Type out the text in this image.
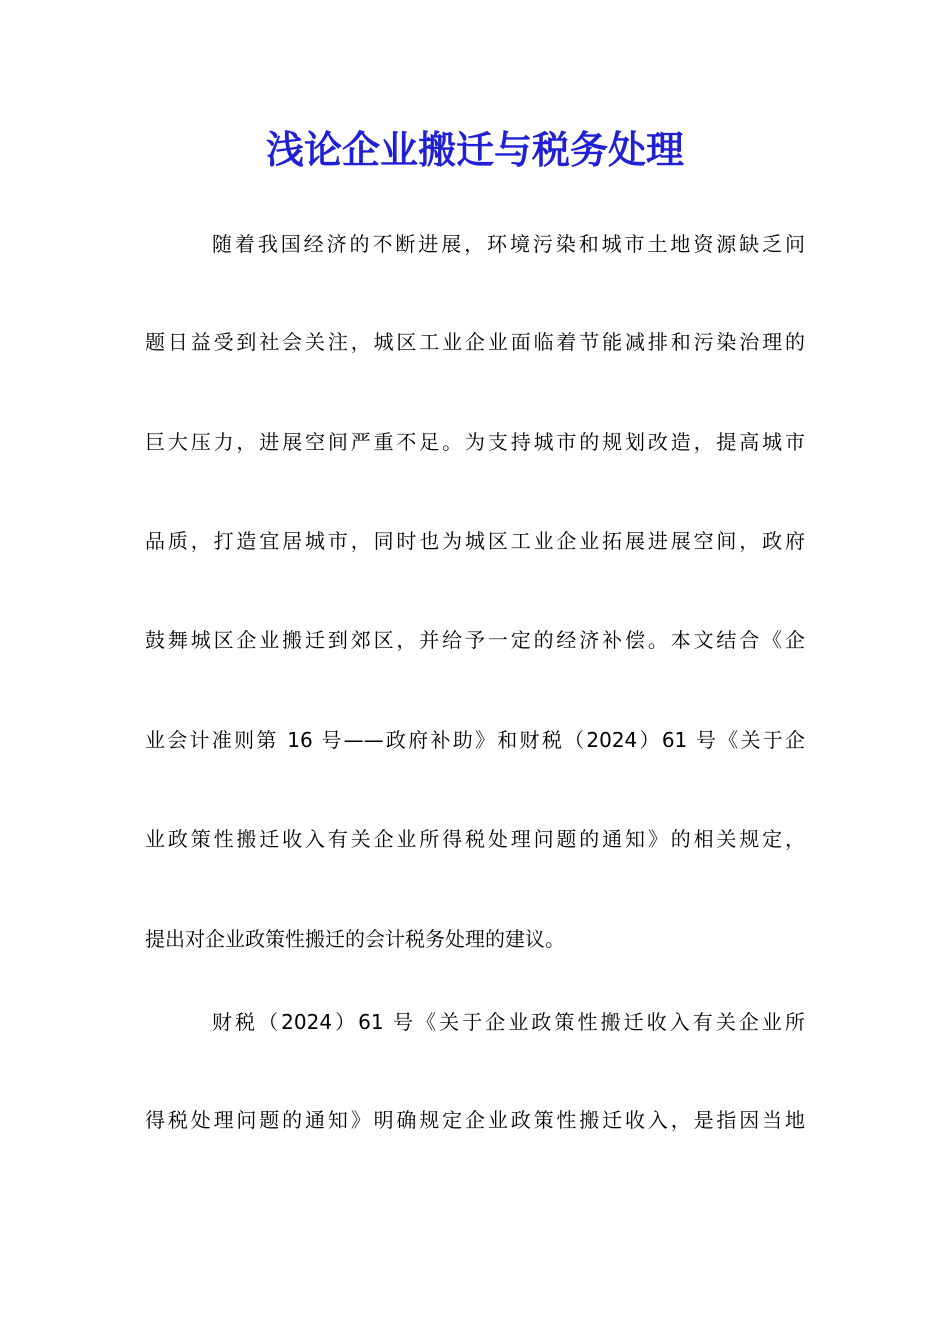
浅论企业搬迁与税务处理

随着我国经济的不断进展，环境污染和城市土地资源缺乏问

题日益受到社会关注，城区工业企业面临着节能减排和污染治理的

巨大压力，进展空间严重不足。为支持城市的规划改造，提高城市

品质，打造宜居城市，同时也为城区工业企业拓展进展空间，政府

鼓舞城区企业搬迁到郊区，并给予一定的经济补偿。本文结合《企

业会计准则第 16 号——政府补助》和财税（2024）61 号《关于企

业政策性搬迁收入有关企业所得税处理问题的通知》的相关规定，

提出对企业政策性搬迁的会计税务处理的建议。

财税（2024）61 号《关于企业政策性搬迁收入有关企业所

得税处理问题的通知》明确规定企业政策性搬迁收入，是指因当地
